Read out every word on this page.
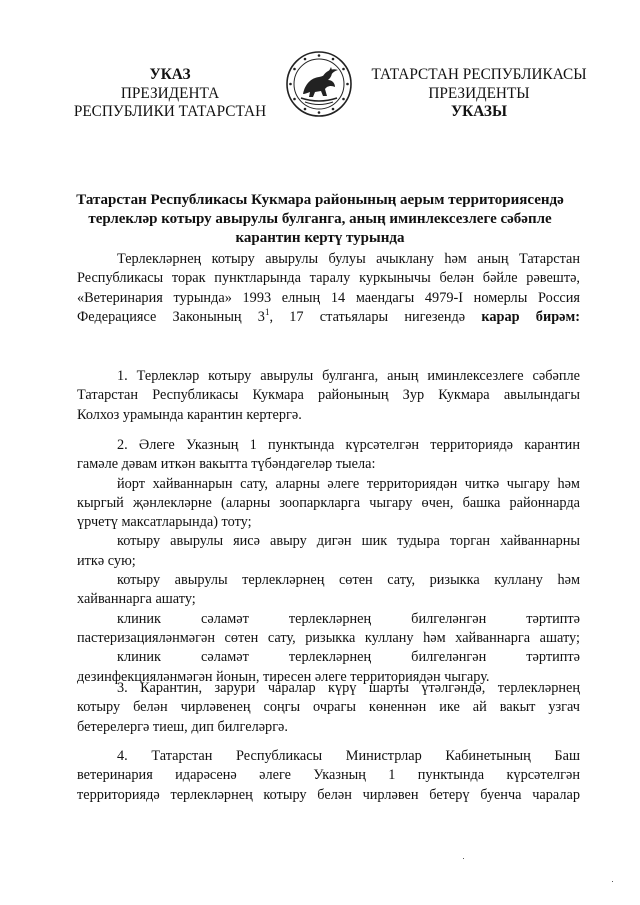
УКАЗ
ПРЕЗИДЕНТА
РЕСПУБЛИКИ ТАТАРСТАН
ТАТАРСТАН РЕСПУБЛИКАСЫ
ПРЕЗИДЕНТЫ
УКАЗЫ
Татарстан Республикасы Кукмара районының аерым территориясендә
терлекләр котыру авырулы булганга, аның иминлексезлеге сәбәпле
карантин кертү турында
Терлекләрнең котыру авырулы булуы ачыклану һәм аның Татарстан
Республикасы торак пунктларында таралу куркынычы белән бәйле рәвештә,
«Ветеринария турында» 1993 елның 14 маендагы 4979-I номерлы Россия
Федерациясе Законының $3^1$, 17 статьялары нигезендә карар бирәм:
1. Терлекләр котыру авырулы булганга, аның иминлексезлеге сәбәпле
Татарстан Республикасы Кукмара районының Зур Кукмара авылындагы
Колхоз урамында карантин кертергә.
2. Әлеге Указның 1 пунктында күрсәтелгән территориядә карантин
гамәле дәвам иткән вакытта түбәндәгеләр тыела:
йорт хайваннарын сату, аларны әлеге территориядән читкә чыгару һәм
кыргый җәнлекләрне (аларны зоопаркларга чыгару өчен, башка районнарда
үрчетү максатларында) тоту;
котыру авырулы яисә авыру дигән шик тудыра торган хайваннарны
иткә сую;
котыру авырулы терлекләрнең сөтен сату, ризыкка куллану һәм
хайваннарга ашату;
клиник сәламәт терлекләрнең билгеләнгән тәртиптә
пастеризацияләнмәгән сөтен сату, ризыкка куллану һәм хайваннарга ашату;
клиник сәламәт терлекләрнең билгеләнгән тәртиптә
дезинфекцияләнмәгән йонын, тиресен әлеге территориядән чыгару.
3. Карантин, зарури чаралар күрү шарты үтәлгәндә, терлекләрнең
котыру белән чирләвенең соңгы очрагы көненнән ике ай вакыт узгач
бетерелергә тиеш, дип билгеләргә.
4. Татарстан Республикасы Министрлар Кабинетының Баш
ветеринария идарәсенә әлеге Указның 1 пунктында күрсәтелгән
территориядә терлекләрнең котыру белән чирләвен бетерү буенча чаралар
